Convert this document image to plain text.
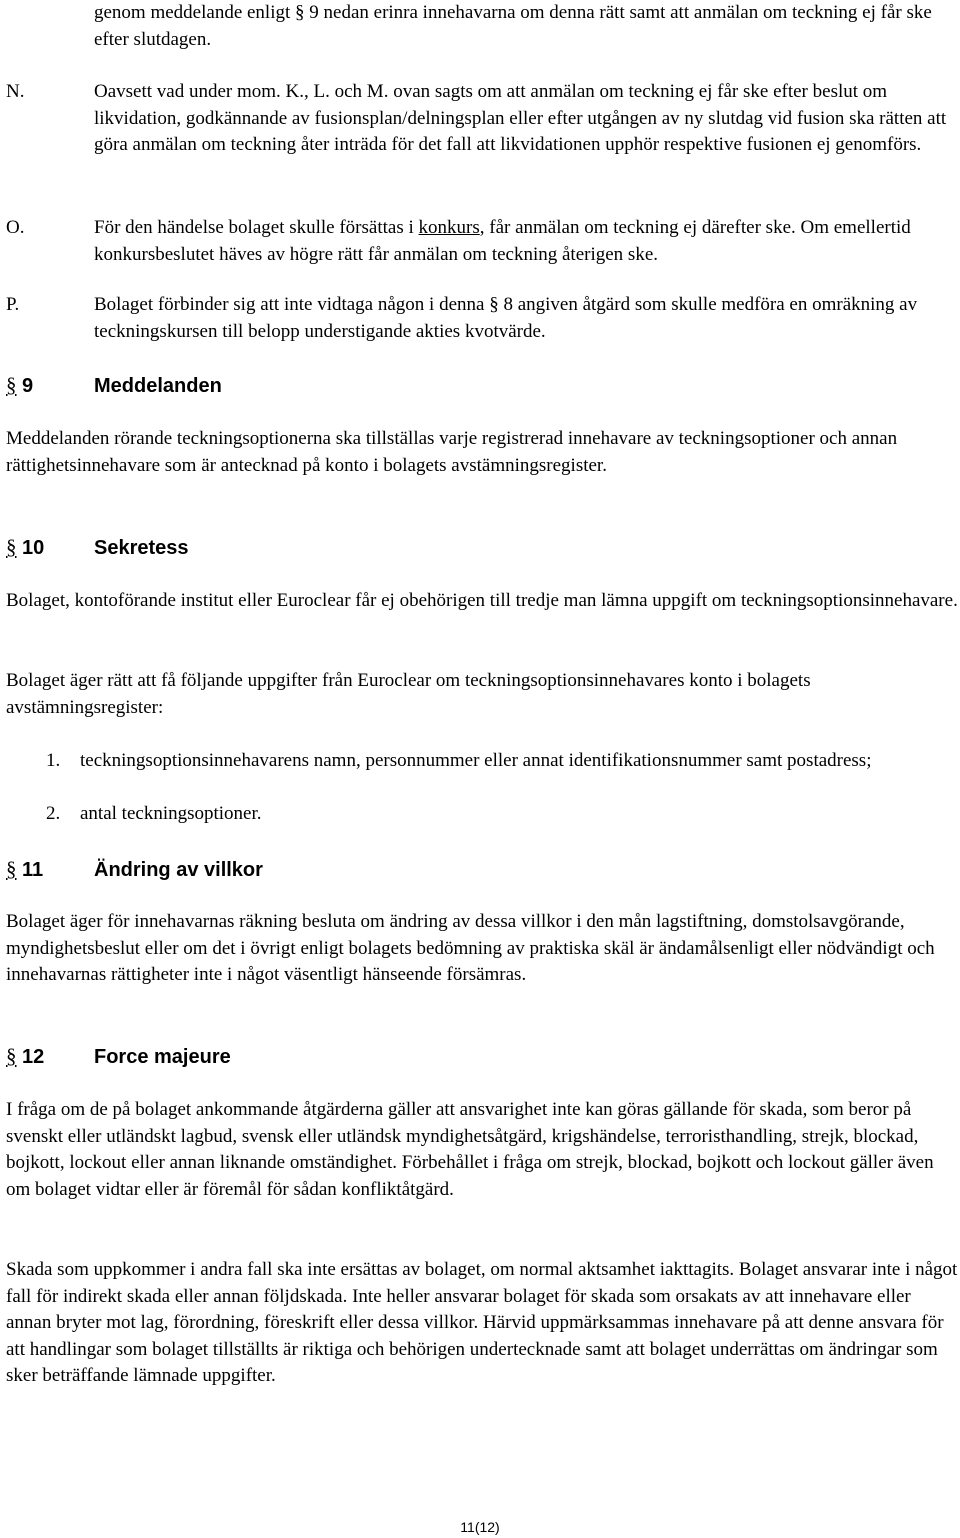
genom meddelande enligt § 9 nedan erinra innehavarna om denna rätt samt att anmälan om teckning ej får ske efter slutdagen.
N.	Oavsett vad under mom. K., L. och M. ovan sagts om att anmälan om teckning ej får ske efter beslut om likvidation, godkännande av fusionsplan/delningsplan eller efter utgången av ny slutdag vid fusion ska rätten att göra anmälan om teckning åter inträda för det fall att likvidationen upphör respektive fusionen ej genomförs.
O.	För den händelse bolaget skulle försättas i konkurs, får anmälan om teckning ej därefter ske. Om emellertid konkursbeslutet häves av högre rätt får anmälan om teckning återigen ske.
P.	Bolaget förbinder sig att inte vidtaga någon i denna § 8 angiven åtgärd som skulle medföra en omräkning av teckningskursen till belopp understigande akties kvotvärde.
§ 9	Meddelanden
Meddelanden rörande teckningsoptionerna ska tillställas varje registrerad innehavare av teckningsoptioner och annan rättighetsinnehavare som är antecknad på konto i bolagets avstämningsregister.
§ 10 Sekretess
Bolaget, kontoförande institut eller Euroclear får ej obehörigen till tredje man lämna uppgift om teckningsoptionsinnehavare.
Bolaget äger rätt att få följande uppgifter från Euroclear om teckningsoptionsinnehavares konto i bolagets avstämningsregister:
1.	teckningsoptionsinnehavarens namn, personnummer eller annat identifikationsnummer samt postadress;
2.	antal teckningsoptioner.
§ 11	Ändring av villkor
Bolaget äger för innehavarnas räkning besluta om ändring av dessa villkor i den mån lagstiftning, domstolsavgörande, myndighetsbeslut eller om det i övrigt enligt bolagets bedömning av praktiska skäl är ändamålsenligt eller nödvändigt och innehavarnas rättigheter inte i något väsentligt hänseende försämras.
§ 12 Force majeure
I fråga om de på bolaget ankommande åtgärderna gäller att ansvarighet inte kan göras gällande för skada, som beror på svenskt eller utländskt lagbud, svensk eller utländsk myndighetsåtgärd, krigshändelse, terroristhandling, strejk, blockad, bojkott, lockout eller annan liknande omständighet. Förbehållet i fråga om strejk, blockad, bojkott och lockout gäller även om bolaget vidtar eller är föremål för sådan konfliktåtgärd.
Skada som uppkommer i andra fall ska inte ersättas av bolaget, om normal aktsamhet iakttagits. Bolaget ansvarar inte i något fall för indirekt skada eller annan följdskada. Inte heller ansvarar bolaget för skada som orsakats av att innehavare eller annan bryter mot lag, förordning, föreskrift eller dessa villkor. Härvid uppmärksammas innehavare på att denne ansvara för att handlingar som bolaget tillställts är riktiga och behörigen undertecknade samt att bolaget underrättas om ändringar som sker beträffande lämnade uppgifter.
11(12)
